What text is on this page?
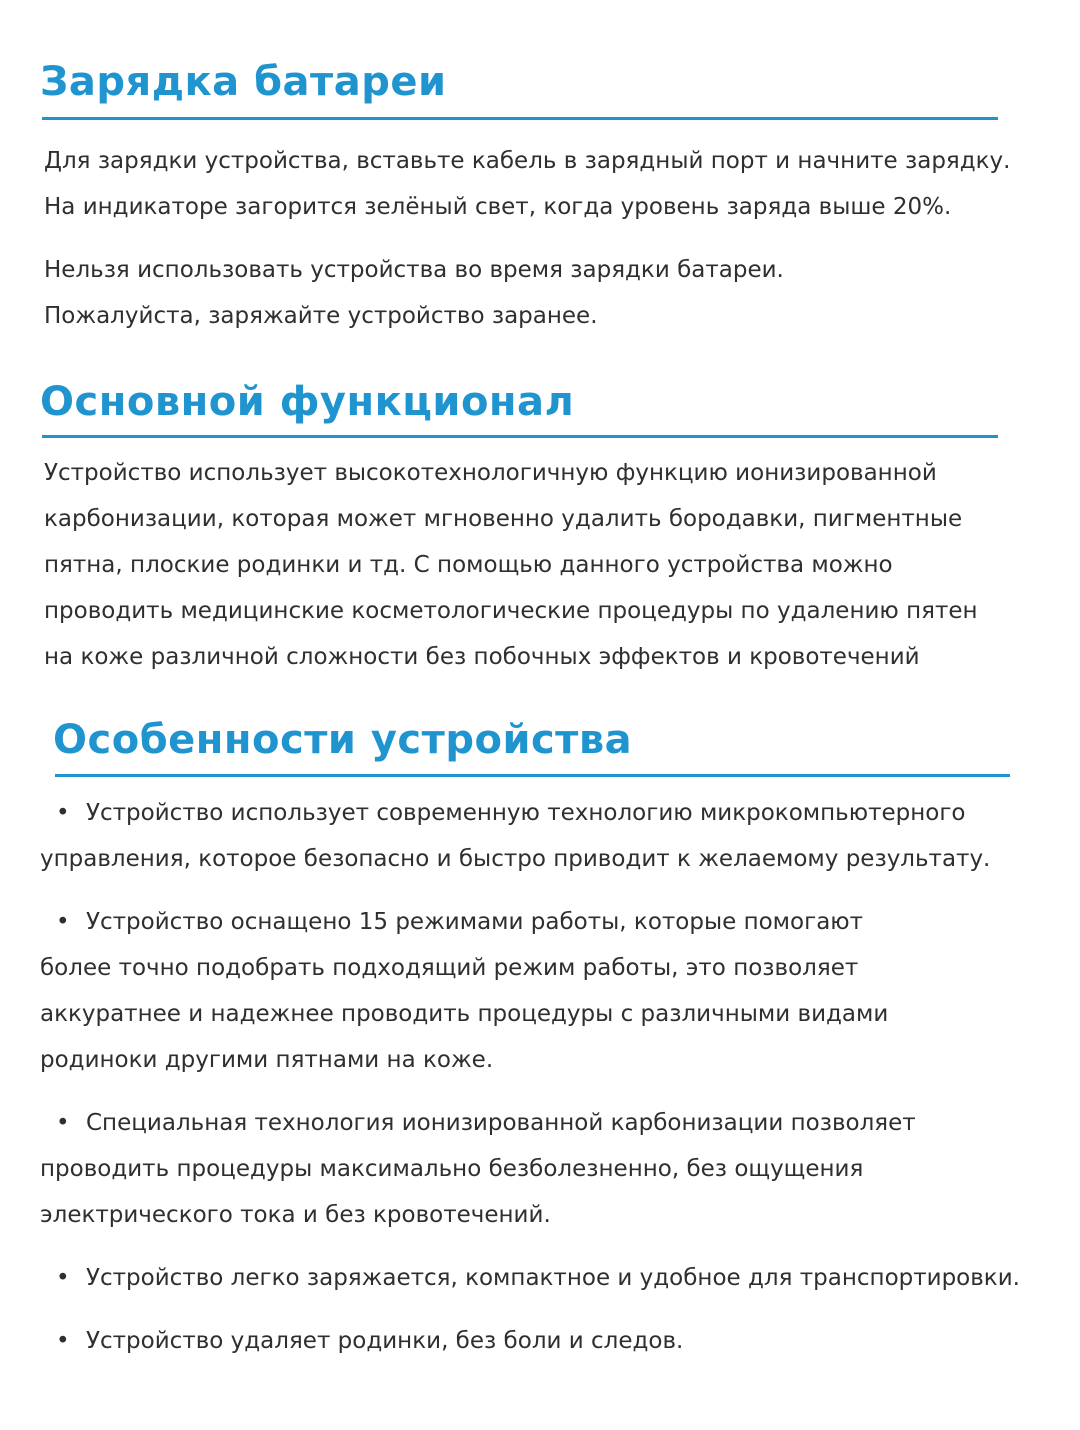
Зарядка батареи

Для зарядки устройства, вставьте кабель в зарядный порт и начните зарядку.

На индикаторе загорится зелёный свет, когда уровень заряда выше 20%.

Нельзя использовать устройства во время зарядки батареи.

Пожалуйста, заряжайте устройство заранее.

Основной функционал

Устройство использует высокотехнологичную функцию ионизированной

карбонизации, которая может мгновенно удалить бородавки, пигментные

пятна, плоские родинки и тд. С помощью данного устройства можно

проводить медицинские косметологические процедуры по удалению пятен

на коже различной сложности без побочных эффектов и кровотечений

Особенности устройства
• Устройство использует современную технологию микрокомпьютерного

управления, которое безопасно и быстро приводит к желаемому результату.

• Устройство оснащено 15 режимами работы, которые помогают

более точно подобрать подходящий режим работы, это позволяет

аккуратнее и надежнее проводить процедуры с различными видами

родиноки другими пятнами на коже.

• Специальная технология ионизированной карбонизации позволяет

проводить процедуры максимально безболезненно, без ощущения

электрического тока и без кровотечений.

• Устройство легко заряжается, компактное и удобное для транспортировки.

• Устройство удаляет родинки, без боли и следов.
